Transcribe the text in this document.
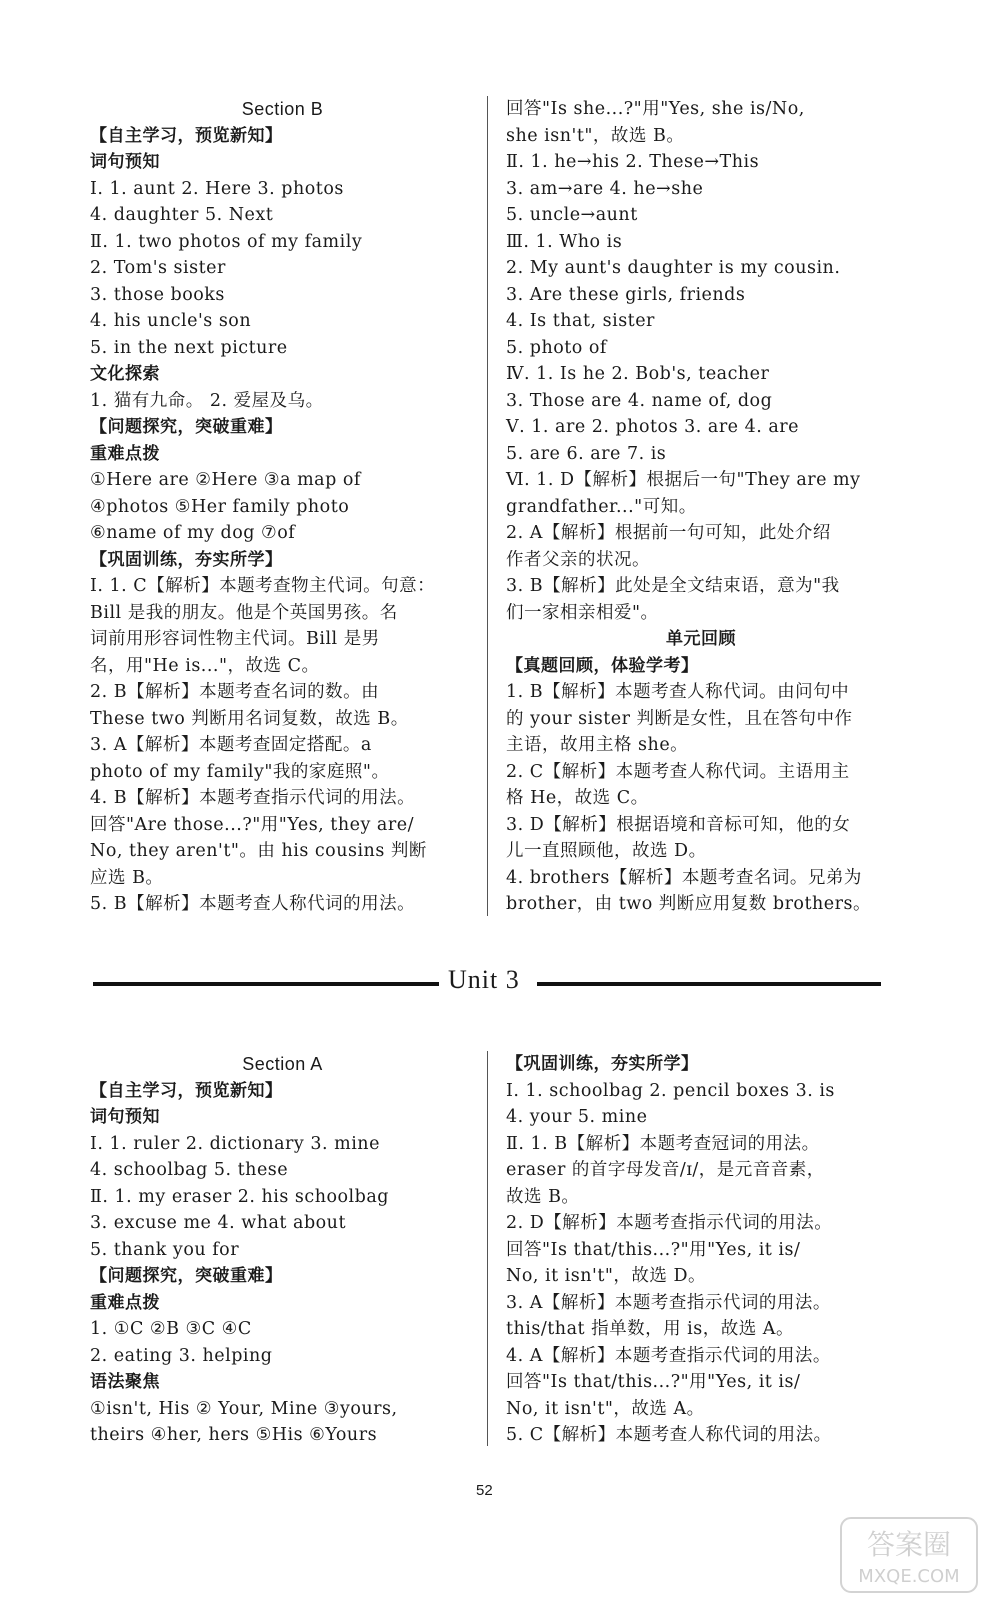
Section B
【自主学习，预览新知】
词句预知
Ⅰ. 1. aunt 2. Here 3. photos
4. daughter 5. Next
Ⅱ. 1. two photos of my family
2. Tom's sister
3. those books
4. his uncle's son
5. in the next picture
文化探索
1. 猫有九命。 2. 爱屋及乌。
【问题探究，突破重难】
重难点拨
①Here are ②Here ③a map of
④photos ⑤Her family photo
⑥name of my dog ⑦of
【巩固训练，夯实所学】
Ⅰ. 1. C【解析】本题考查物主代词。句意：
Bill 是我的朋友。他是个英国男孩。名
词前用形容词性物主代词。Bill 是男
名，用"He is..."，故选 C。
2. B【解析】本题考查名词的数。由
These two 判断用名词复数，故选 B。
3. A【解析】本题考查固定搭配。a
photo of my family"我的家庭照"。
4. B【解析】本题考查指示代词的用法。
回答"Are those...?"用"Yes, they are/
No, they aren't"。由 his cousins 判断
应选 B。
5. B【解析】本题考查人称代词的用法。
回答"Is she...?"用"Yes, she is/No,
she isn't"，故选 B。
Ⅱ. 1. he→his 2. These→This
3. am→are 4. he→she
5. uncle→aunt
Ⅲ. 1. Who is
2. My aunt's daughter is my cousin.
3. Are these girls, friends
4. Is that, sister
5. photo of
Ⅳ. 1. Is he 2. Bob's, teacher
3. Those are 4. name of, dog
Ⅴ. 1. are 2. photos 3. are 4. are
5. are 6. are 7. is
Ⅵ. 1. D【解析】根据后一句"They are my
grandfather..."可知。
2. A【解析】根据前一句可知，此处介绍
作者父亲的状况。
3. B【解析】此处是全文结束语，意为"我
们一家相亲相爱"。
单元回顾
【真题回顾，体验学考】
1. B【解析】本题考查人称代词。由问句中
的 your sister 判断是女性，且在答句中作
主语，故用主格 she。
2. C【解析】本题考查人称代词。主语用主
格 He，故选 C。
3. D【解析】根据语境和音标可知，他的女
儿一直照顾他，故选 D。
4. brothers【解析】本题考查名词。兄弟为
brother，由 two 判断应用复数 brothers。
Unit 3
Section A
【自主学习，预览新知】
词句预知
Ⅰ. 1. ruler 2. dictionary 3. mine
4. schoolbag 5. these
Ⅱ. 1. my eraser 2. his schoolbag
3. excuse me 4. what about
5. thank you for
【问题探究，突破重难】
重难点拨
1. ①C ②B ③C ④C
2. eating 3. helping
语法聚焦
①isn't, His ② Your, Mine ③yours,
theirs ④her, hers ⑤His ⑥Yours
【巩固训练，夯实所学】
Ⅰ. 1. schoolbag 2. pencil boxes 3. is
4. your 5. mine
Ⅱ. 1. B【解析】本题考查冠词的用法。
eraser 的首字母发音/ɪ/，是元音音素，
故选 B。
2. D【解析】本题考查指示代词的用法。
回答"Is that/this...?"用"Yes, it is/
No, it isn't"，故选 D。
3. A【解析】本题考查指示代词的用法。
this/that 指单数，用 is，故选 A。
4. A【解析】本题考查指示代词的用法。
回答"Is that/this...?"用"Yes, it is/
No, it isn't"，故选 A。
5. C【解析】本题考查人称代词的用法。
52
答案圈
MXQE.COM
